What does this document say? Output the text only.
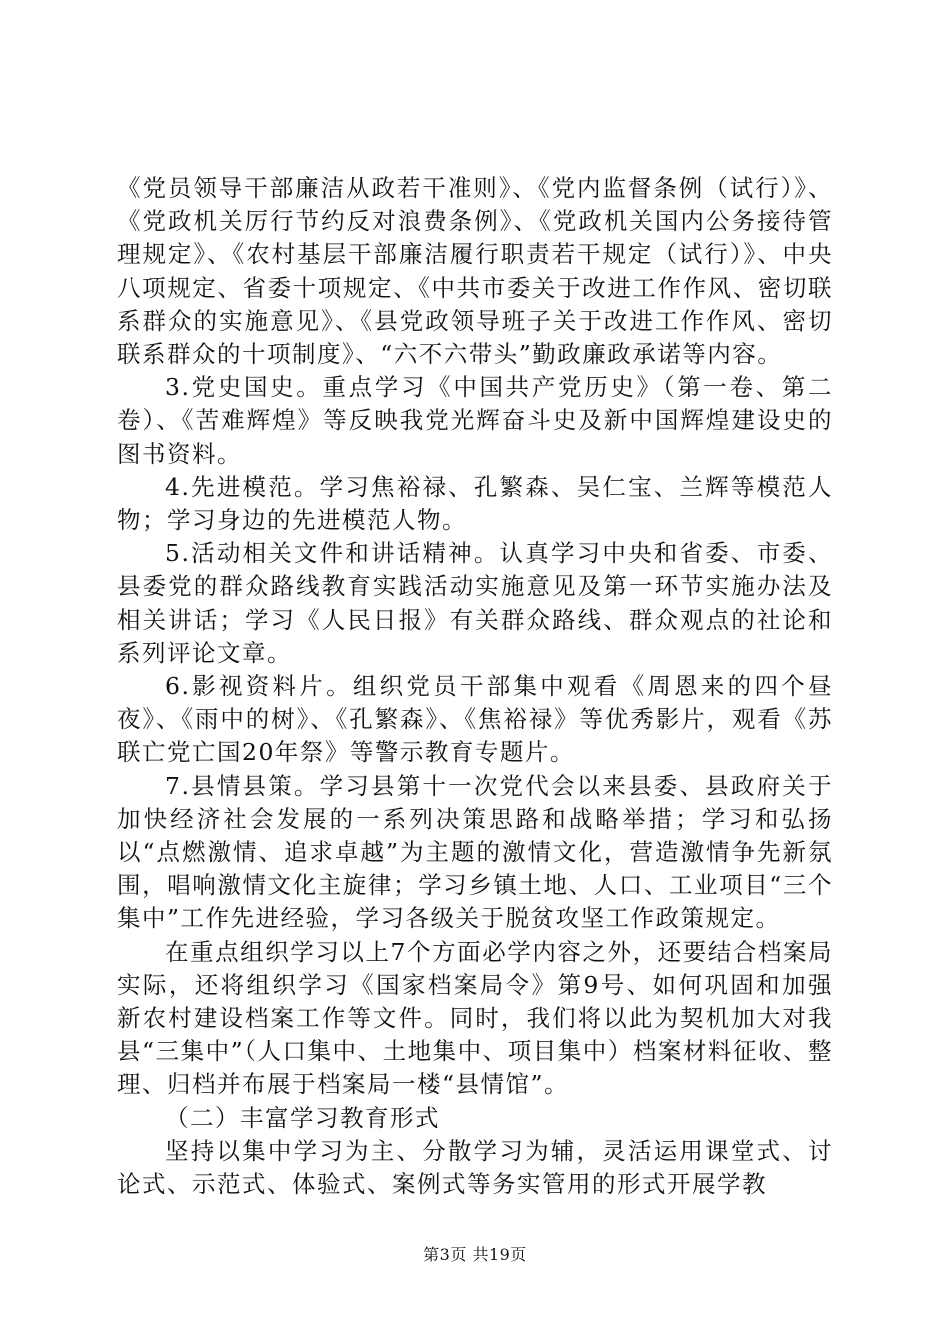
《党员领导干部廉洁从政若干准则》、《党内监督条例（试行）》、《党政机关厉行节约反对浪费条例》、《党政机关国内公务接待管理规定》、《农村基层干部廉洁履行职责若干规定（试行）》、中央八项规定、省委十项规定、《中共市委关于改进工作作风、密切联系群众的实施意见》、《县党政领导班子关于改进工作作风、密切联系群众的十项制度》、“六不六带头”勤政廉政承诺等内容。

3.党史国史。重点学习《中国共产党历史》（第一卷、第二卷）、《苦难辉煌》等反映我党光辉奋斗史及新中国辉煌建设史的图书资料。

4.先进模范。学习焦裕禄、孔繁森、吴仁宝、兰辉等模范人物；学习身边的先进模范人物。

5.活动相关文件和讲话精神。认真学习中央和省委、市委、县委党的群众路线教育实践活动实施意见及第一环节实施办法及相关讲话；学习《人民日报》有关群众路线、群众观点的社论和系列评论文章。

6.影视资料片。组织党员干部集中观看《周恩来的四个昼夜》、《雨中的树》、《孔繁森》、《焦裕禄》等优秀影片，观看《苏联亡党亡国20年祭》等警示教育专题片。

7.县情县策。学习县第十一次党代会以来县委、县政府关于加快经济社会发展的一系列决策思路和战略举措；学习和弘扬以“点燃激情、追求卓越”为主题的激情文化，营造激情争先新氛围，唱响激情文化主旋律；学习乡镇土地、人口、工业项目“三个集中”工作先进经验，学习各级关于脱贫攻坚工作政策规定。

在重点组织学习以上7个方面必学内容之外，还要结合档案局实际，还将组织学习《国家档案局令》第9号、如何巩固和加强新农村建设档案工作等文件。同时，我们将以此为契机加大对我县“三集中”（人口集中、土地集中、项目集中）档案材料征收、整理、归档并布展于档案局一楼“县情馆”。

（二）丰富学习教育形式

坚持以集中学习为主、分散学习为辅，灵活运用课堂式、讨论式、示范式、体验式、案例式等务实管用的形式开展学教

第3页 共19页
